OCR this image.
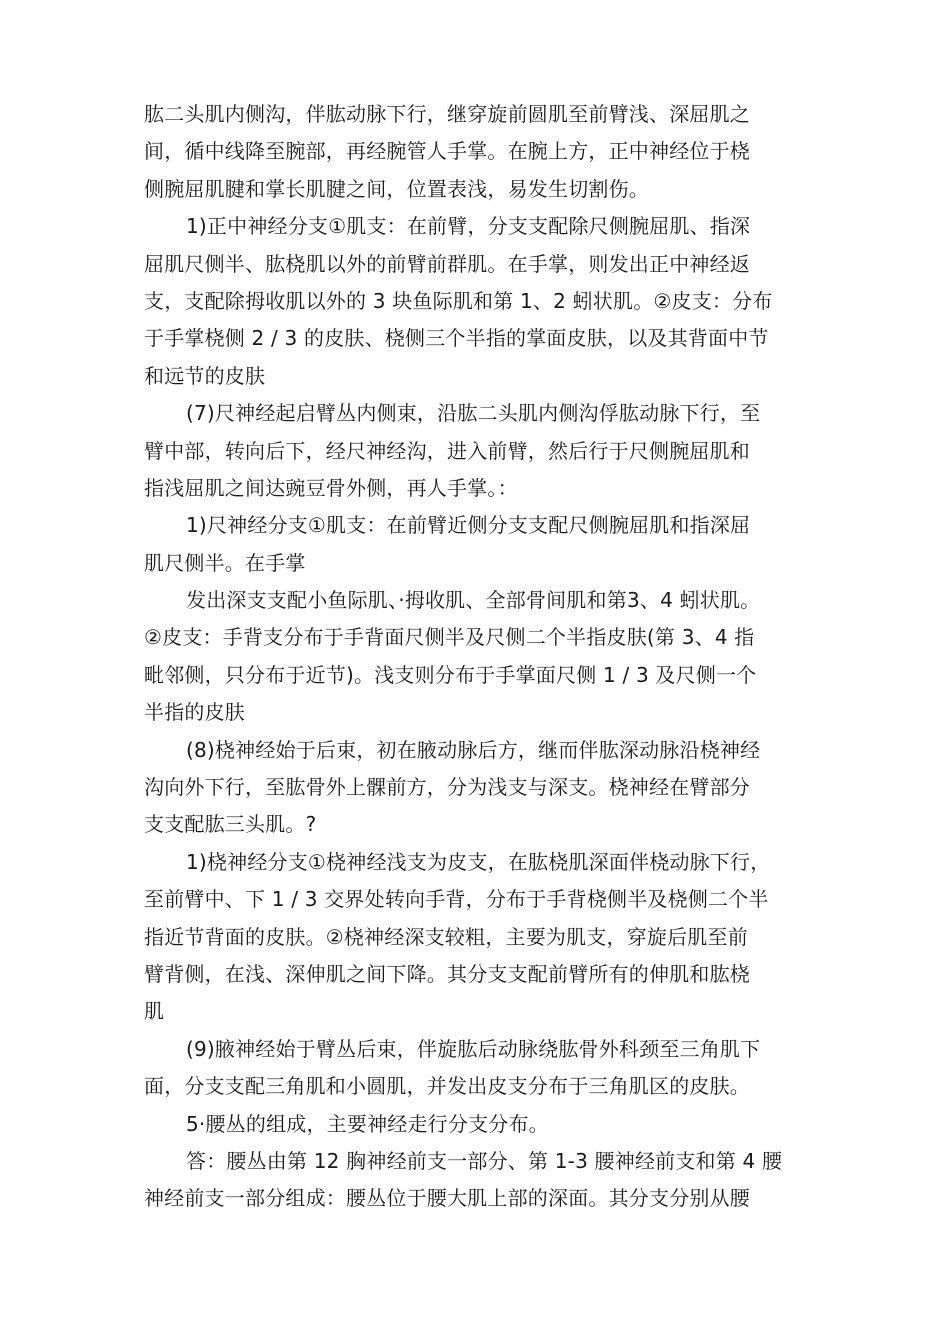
肱二头肌内侧沟，伴肱动脉下行，继穿旋前圆肌至前臂浅、深屈肌之
间，循中线降至腕部，再经腕管人手掌。在腕上方，正中神经位于桡
侧腕屈肌腱和掌长肌腱之间，位置表浅，易发生切割伤。
1)正中神经分支①肌支：在前臂，分支支配除尺侧腕屈肌、指深
屈肌尺侧半、肱桡肌以外的前臂前群肌。在手掌，则发出正中神经返
支，支配除拇收肌以外的 3 块鱼际肌和第 1、2 蚓状肌。②皮支：分布
于手掌桡侧 2 / 3 的皮肤、桡侧三个半指的掌面皮肤，以及其背面中节
和远节的皮肤
(7)尺神经起启臂丛内侧束，沿肱二头肌内侧沟俘肱动脉下行，至
臂中部，转向后下，经尺神经沟，进入前臂，然后行于尺侧腕屈肌和
指浅屈肌之间达豌豆骨外侧，再人手掌。：
1)尺神经分支①肌支：在前臂近侧分支支配尺侧腕屈肌和指深屈
肌尺侧半。在手掌
发出深支支配小鱼际肌、·拇收肌、全部骨间肌和第3、4 蚓状肌。
②皮支：手背支分布于手背面尺侧半及尺侧二个半指皮肤(第 3、4 指
毗邻侧，只分布于近节)。浅支则分布于手掌面尺侧 1 / 3 及尺侧一个
半指的皮肤
(8)桡神经始于后束，初在腋动脉后方，继而伴肱深动脉沿桡神经
沟向外下行，至肱骨外上髁前方，分为浅支与深支。桡神经在臂部分
支支配肱三头肌。?
1)桡神经分支①桡神经浅支为皮支，在肱桡肌深面伴桡动脉下行，
至前臂中、下 1 / 3 交界处转向手背，分布于手背桡侧半及桡侧二个半
指近节背面的皮肤。②桡神经深支较粗，主要为肌支，穿旋后肌至前
臂背侧，在浅、深伸肌之间下降。其分支支配前臂所有的伸肌和肱桡
肌
(9)腋神经始于臂丛后束，伴旋肱后动脉绕肱骨外科颈至三角肌下
面，分支支配三角肌和小圆肌，并发出皮支分布于三角肌区的皮肤。
5·腰丛的组成，主要神经走行分支分布。
答：腰丛由第 12 胸神经前支一部分、第 1-3 腰神经前支和第 4 腰
神经前支一部分组成：腰丛位于腰大肌上部的深面。其分支分别从腰
